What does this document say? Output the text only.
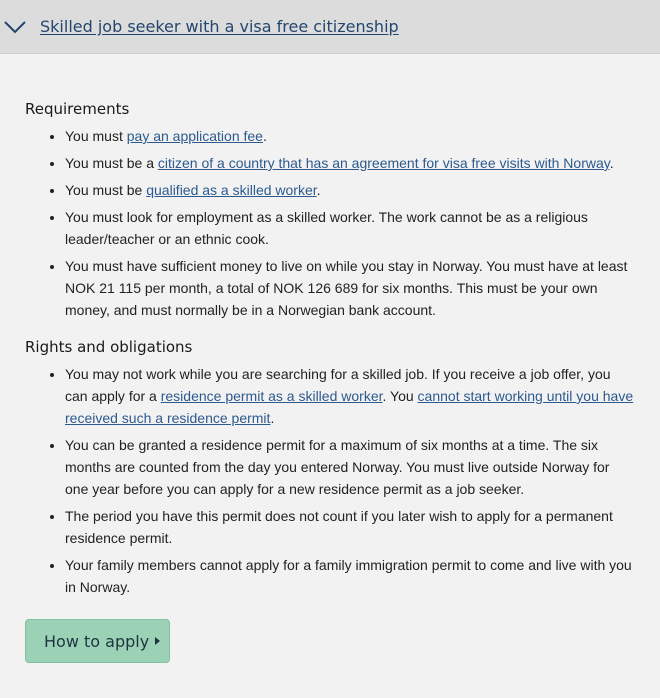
Skilled job seeker with a visa free citizenship
Requirements
• You must pay an application fee.
• You must be a citizen of a country that has an agreement for visa free visits with Norway.
• You must be qualified as a skilled worker.
• You must look for employment as a skilled worker. The work cannot be as a religious leader/teacher or an ethnic cook.
• You must have sufficient money to live on while you stay in Norway. You must have at least NOK 21 115 per month, a total of NOK 126 689 for six months. This must be your own money, and must normally be in a Norwegian bank account.
Rights and obligations
• You may not work while you are searching for a skilled job. If you receive a job offer, you can apply for a residence permit as a skilled worker. You cannot start working until you have received such a residence permit.
• You can be granted a residence permit for a maximum of six months at a time. The six months are counted from the day you entered Norway. You must live outside Norway for one year before you can apply for a new residence permit as a job seeker.
• The period you have this permit does not count if you later wish to apply for a permanent residence permit.
• Your family members cannot apply for a family immigration permit to come and live with you in Norway.
How to apply
